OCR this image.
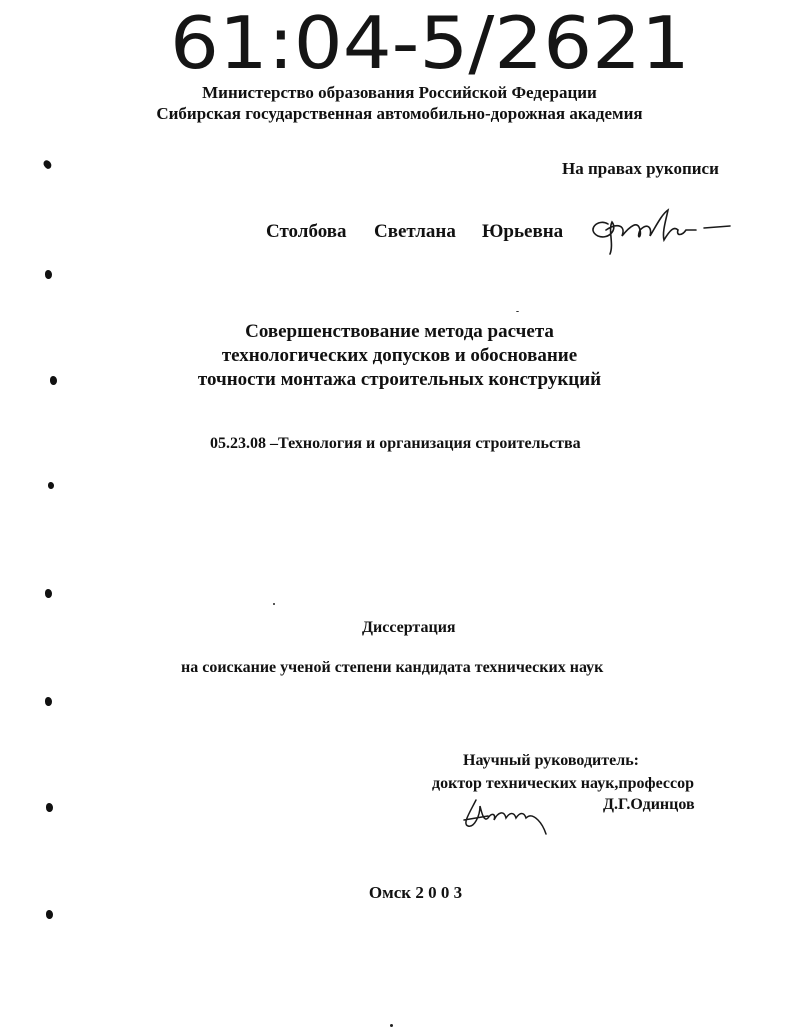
61:04-5/2621
Министерство образования Российской Федерации
Сибирская государственная автомобильно-дорожная академия
На правах рукописи
Столбова Светлана Юрьевна
Совершенствование метода расчета
технологических допусков и обоснование
точности монтажа строительных конструкций
05.23.08 –Технология и организация строительства
Диссертация
на соискание ученой степени кандидата технических наук
Научный руководитель:
доктор технических наук,профессор
Д.Г.Одинцов
Омск 2 0 0 3
